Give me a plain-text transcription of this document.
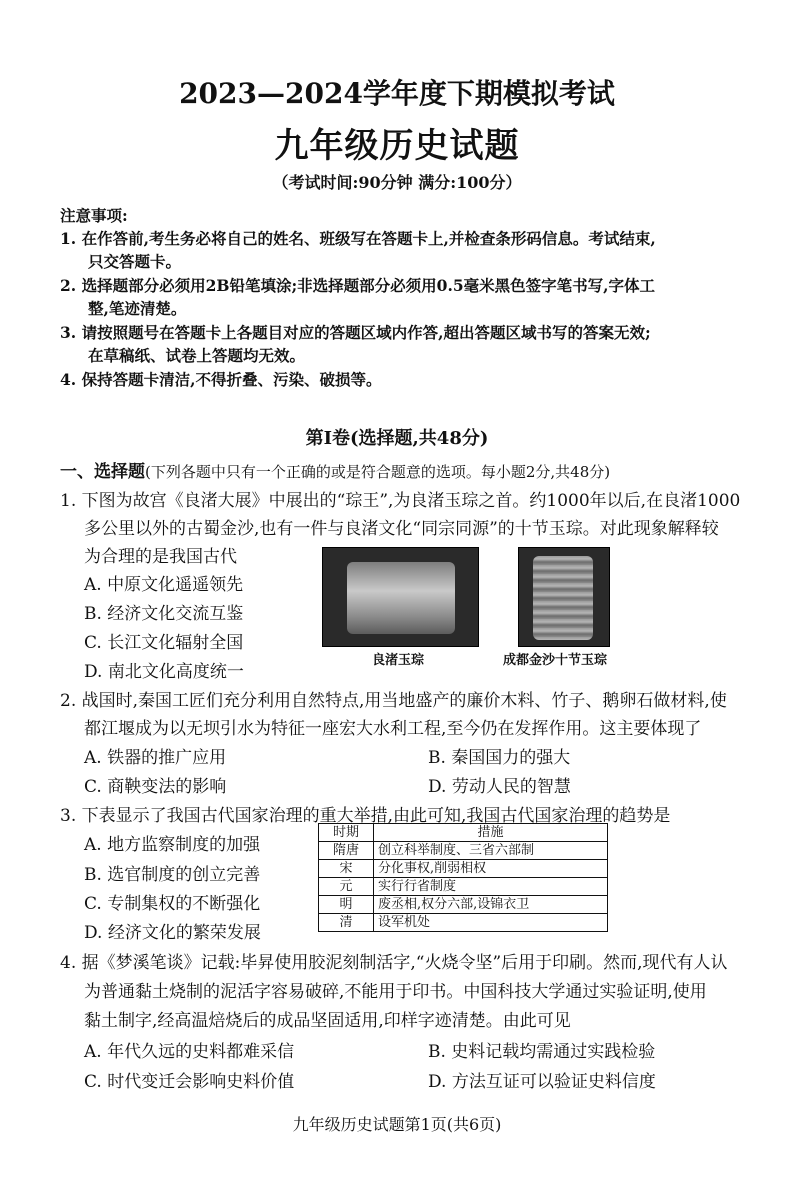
2023—2024学年度下期模拟考试
九年级历史试题
（考试时间:90分钟 满分:100分）
注意事项:
1. 在作答前,考生务必将自己的姓名、班级写在答题卡上,并检查条形码信息。考试结束,
只交答题卡。
2. 选择题部分必须用2B铅笔填涂;非选择题部分必须用0.5毫米黑色签字笔书写,字体工
整,笔迹清楚。
3. 请按照题号在答题卡上各题目对应的答题区域内作答,超出答题区域书写的答案无效;
在草稿纸、试卷上答题均无效。
4. 保持答题卡清洁,不得折叠、污染、破损等。
第Ⅰ卷(选择题,共48分)
一、选择题(下列各题中只有一个正确的或是符合题意的选项。每小题2分,共48分)
1. 下图为故宫《良渚大展》中展出的“琮王”,为良渚玉琮之首。约1000年以后,在良渚1000
多公里以外的古蜀金沙,也有一件与良渚文化“同宗同源”的十节玉琮。对此现象解释较
为合理的是我国古代
A. 中原文化遥遥领先
B. 经济文化交流互鉴
C. 长江文化辐射全国
D. 南北文化高度统一
良渚玉琮	成都金沙十节玉琮
2. 战国时,秦国工匠们充分利用自然特点,用当地盛产的廉价木料、竹子、鹅卵石做材料,使
都江堰成为以无坝引水为特征一座宏大水利工程,至今仍在发挥作用。这主要体现了
A. 铁器的推广应用	B. 秦国国力的强大
C. 商鞅变法的影响	D. 劳动人民的智慧
3. 下表显示了我国古代国家治理的重大举措,由此可知,我国古代国家治理的趋势是
A. 地方监察制度的加强
B. 选官制度的创立完善
C. 专制集权的不断强化
D. 经济文化的繁荣发展
时期	措施
隋唐	创立科举制度、三省六部制
宋	分化事权,削弱相权
元	实行行省制度
明	废丞相,权分六部,设锦衣卫
清	设军机处
4. 据《梦溪笔谈》记载:毕昇使用胶泥刻制活字,“火烧令坚”后用于印刷。然而,现代有人认
为普通黏土烧制的泥活字容易破碎,不能用于印书。中国科技大学通过实验证明,使用
黏土制字,经高温焙烧后的成品坚固适用,印样字迹清楚。由此可见
A. 年代久远的史料都难采信	B. 史料记载均需通过实践检验
C. 时代变迁会影响史料价值	D. 方法互证可以验证史料信度
九年级历史试题第1页(共6页)
